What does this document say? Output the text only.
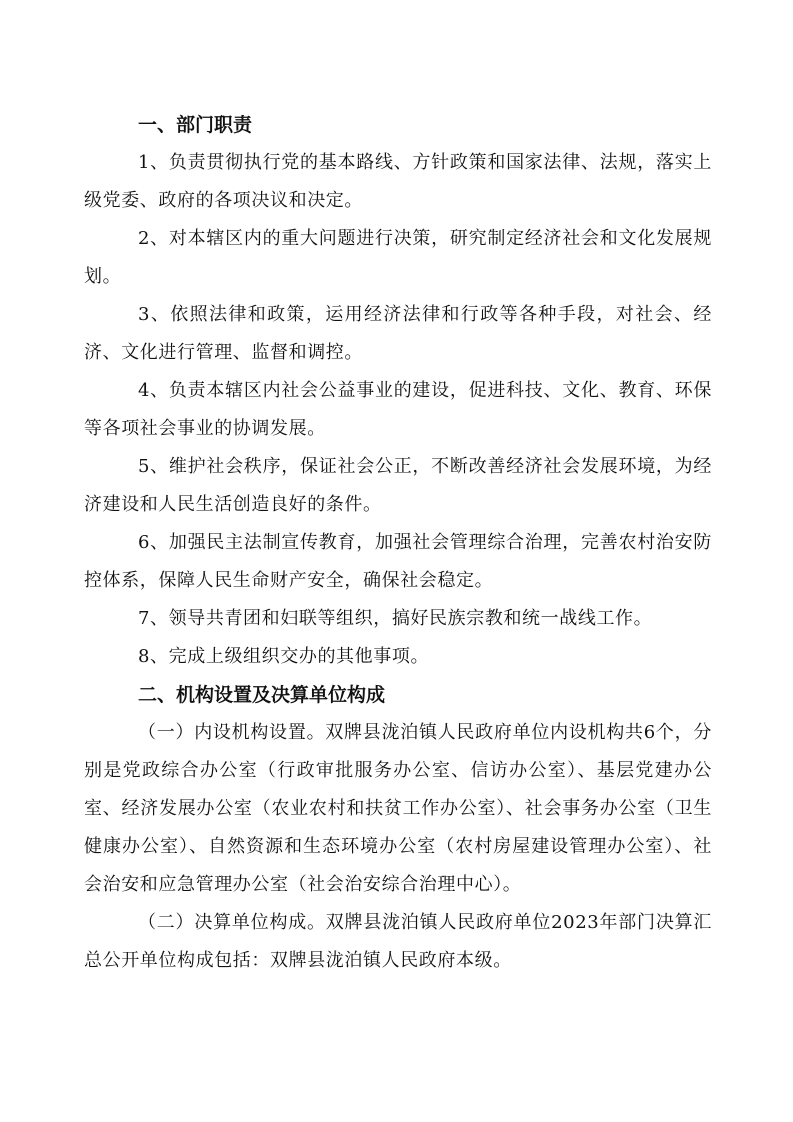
一、部门职责

1、负责贯彻执行党的基本路线、方针政策和国家法律、法规，落实上级党委、政府的各项决议和决定。

2、对本辖区内的重大问题进行决策，研究制定经济社会和文化发展规划。

3、依照法律和政策，运用经济法律和行政等各种手段，对社会、经济、文化进行管理、监督和调控。

4、负责本辖区内社会公益事业的建设，促进科技、文化、教育、环保等各项社会事业的协调发展。

5、维护社会秩序，保证社会公正，不断改善经济社会发展环境，为经济建设和人民生活创造良好的条件。

6、加强民主法制宣传教育，加强社会管理综合治理，完善农村治安防控体系，保障人民生命财产安全，确保社会稳定。

7、领导共青团和妇联等组织，搞好民族宗教和统一战线工作。

8、完成上级组织交办的其他事项。

二、机构设置及决算单位构成

（一）内设机构设置。双牌县泷泊镇人民政府单位内设机构共6个，分别是党政综合办公室（行政审批服务办公室、信访办公室）、基层党建办公室、经济发展办公室（农业农村和扶贫工作办公室）、社会事务办公室（卫生健康办公室）、自然资源和生态环境办公室（农村房屋建设管理办公室）、社会治安和应急管理办公室（社会治安综合治理中心）。

（二）决算单位构成。双牌县泷泊镇人民政府单位2023年部门决算汇总公开单位构成包括：双牌县泷泊镇人民政府本级。
